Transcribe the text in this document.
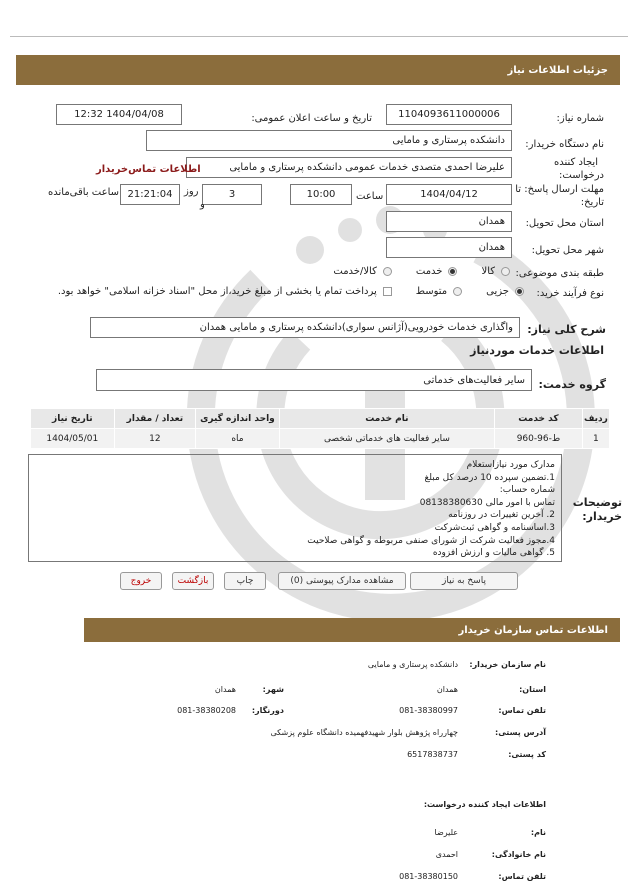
جزئیات اطلاعات نیاز
شماره نیاز:
1104093611000006
تاریخ و ساعت اعلان عمومی:
1404/04/08 12:32
نام دستگاه خریدار:
دانشکده پرستاری و مامایی
ایجاد کننده
درخواست:
علیرضا احمدی متصدی خدمات عمومی دانشکده پرستاری و مامایی
اطلاعات تماس‌خریدار
مهلت ارسال پاسخ: تا
تاریخ:
1404/04/12
ساعت
10:00
3
روز
و
21:21:04
ساعت باقی‌مانده
استان محل تحویل:
همدان
شهر محل تحویل:
همدان
طبقه بندی موضوعی:
کالا
خدمت
کالا/خدمت
نوع فرآیند خرید:
جزیی
متوسط
پرداخت تمام یا بخشی از مبلغ خرید،از محل "اسناد خزانه اسلامی" خواهد بود.
شرح کلی نیاز:
واگذاری خدمات خودرویی(آژانس سواری)دانشکده پرستاری و مامایی همدان
اطلاعات خدمات موردنیاز
گروه خدمت:
سایر فعالیت‌های خدماتی
ردیف	کد خدمت	نام خدمت	واحد اندازه گیری	تعداد / مقدار	تاریخ نیاز
1	ط-96-960	سایر فعالیت های خدماتی شخصی	ماه	12	1404/05/01
توضیحات
خریدار:
مدارک مورد نیازاستعلام
1.تضمین سپرده 10 درصد کل مبلغ
شماره حساب:
تماس با امور مالی 08138380630
2. آخرین تغییرات در روزنامه
3.اساسنامه و گواهی ثبت‌شرکت
4.مجوز فعالیت شرکت از شورای صنفی مربوطه و گواهی صلاحیت
5. گواهی مالیات و ارزش افزوده
پاسخ به نیاز
مشاهده مدارک پیوستی (0)
چاپ
بازگشت
خروج
اطلاعات تماس سازمان خریدار
نام سازمان خریدار:
دانشکده پرستاری و مامایی
استان:
همدان
شهر:
همدان
تلفن تماس:
081-38380997
دورنگار:
081-38380208
آدرس پستی:
چهارراه پژوهش بلوار شهیدفهمیده دانشگاه علوم پزشکی
کد پستی:
6517838737
اطلاعات ایجاد کننده درخواست:
نام:
علیرضا
نام خانوادگی:
احمدی
تلفن تماس:
081-38380150
